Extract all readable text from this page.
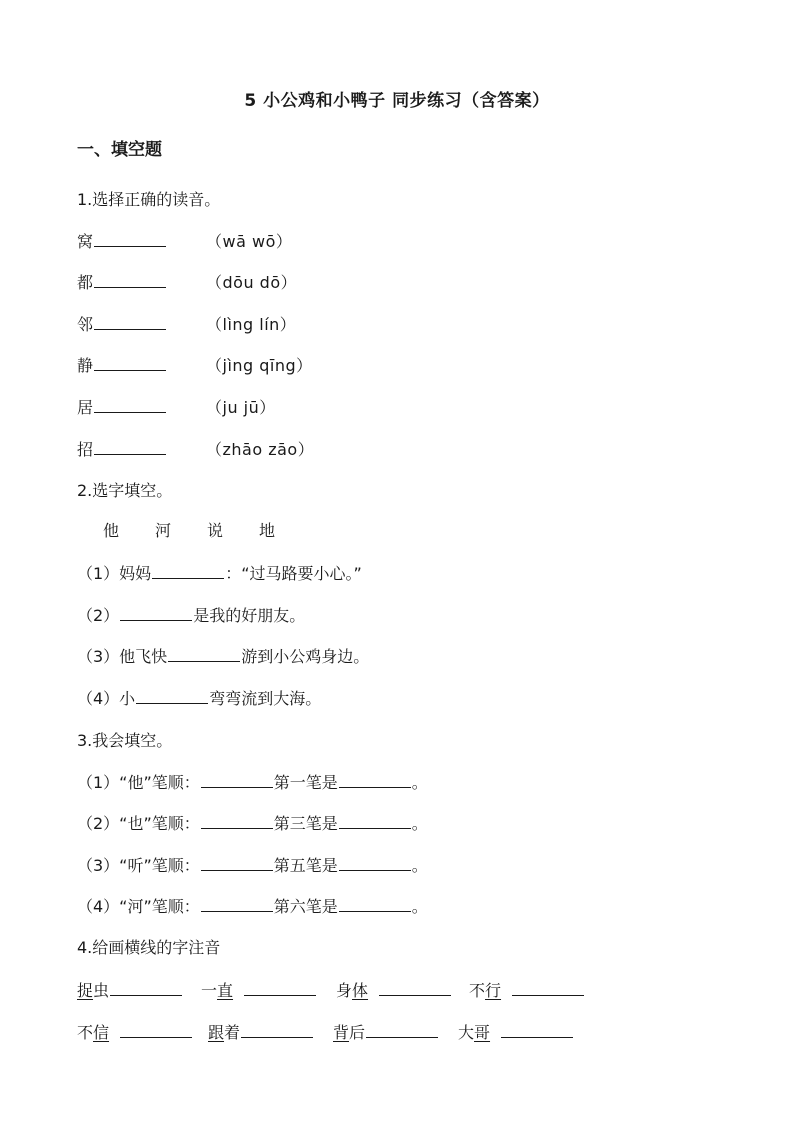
5 小公鸡和小鸭子 同步练习（含答案）
一、填空题
1.选择正确的读音。
窝	（wā wō）
都	（dōu dō）
邻	（lìng lín）
静	（jìng qīng）
居	（ju jū）
招	（zhāo zāo）
2.选字填空。
他 河 说 地
（1）妈妈	：“过马路要小心。”
（2）	是我的好朋友。
（3）他飞快	游到小公鸡身边。
（4）小	弯弯流到大海。
3.我会填空。
（1）“他”笔顺：	第一笔是	。
（2）“也”笔顺：	第三笔是	。
（3）“听”笔顺：	第五笔是	。
（4）“河”笔顺：	第六笔是	。
4.给画横线的字注音
捉虫	一直	身体	不行
不信	跟着	背后	大哥
